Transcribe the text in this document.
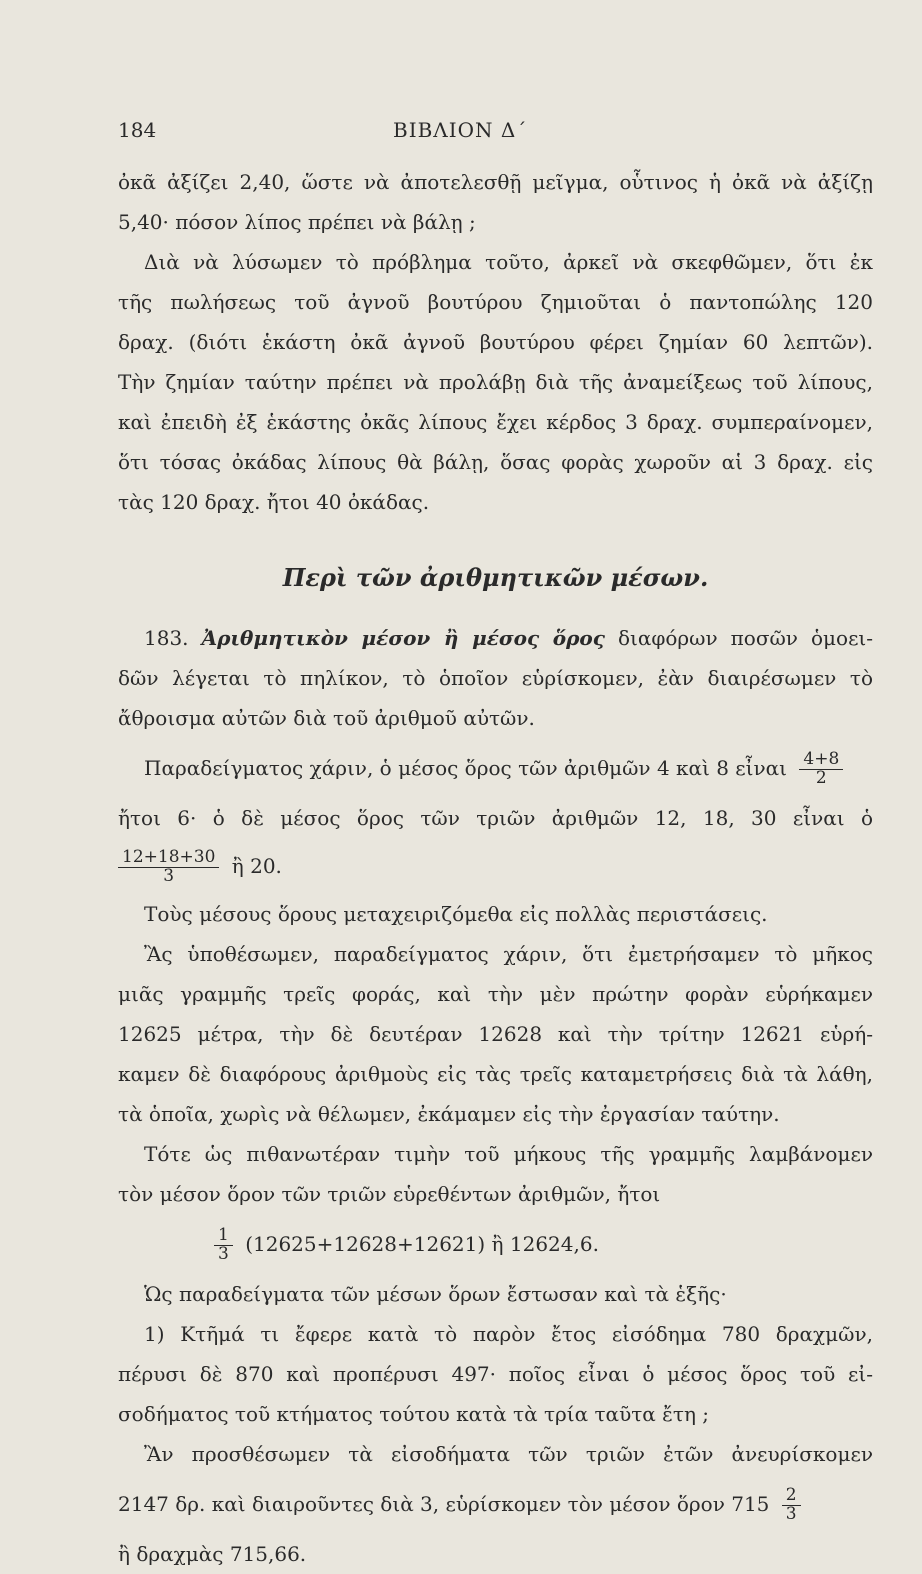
184	ΒΙΒΛΙΟΝ Δ΄
ὀκᾶ ἀξίζει 2,40, ὥστε νὰ ἀποτελεσθῇ μεῖγμα, οὗτινος ἡ ὀκᾶ νὰ ἀξίζῃ
5,40· πόσον λίπος πρέπει νὰ βάλῃ ;
Διὰ νὰ λύσωμεν τὸ πρόβλημα τοῦτο, ἀρκεῖ νὰ σκεφθῶμεν, ὅτι ἐκ
τῆς πωλήσεως τοῦ ἀγνοῦ βουτύρου ζημιοῦται ὁ παντοπώλης 120
δραχ. (διότι ἑκάστη ὀκᾶ ἀγνοῦ βουτύρου φέρει ζημίαν 60 λεπτῶν).
Τὴν ζημίαν ταύτην πρέπει νὰ προλάβῃ διὰ τῆς ἀναμείξεως τοῦ λίπους,
καὶ ἐπειδὴ ἐξ ἑκάστης ὀκᾶς λίπους ἔχει κέρδος 3 δραχ. συμπεραίνομεν,
ὅτι τόσας ὀκάδας λίπους θὰ βάλῃ, ὅσας φορὰς χωροῦν αἱ 3 δραχ. εἰς
τὰς 120 δραχ. ἤτοι 40 ὀκάδας.
Περὶ τῶν ἀριθμητικῶν μέσων.
183. Ἀριθμητικὸν μέσον ἢ μέσος ὅρος διαφόρων ποσῶν ὁμοει-
δῶν λέγεται τὸ πηλίκον, τὸ ὁποῖον εὑρίσκομεν, ἐὰν διαιρέσωμεν τὸ
ἄθροισμα αὐτῶν διὰ τοῦ ἀριθμοῦ αὐτῶν.
Παραδείγματος χάριν, ὁ μέσος ὅρος τῶν ἀριθμῶν 4 καὶ 8 εἶναι $\frac{4+8}{2}$
ἤτοι 6· ὁ δὲ μέσος ὅρος τῶν τριῶν ἀριθμῶν 12, 18, 30 εἶναι ὁ
$\frac{12+18+30}{3}$ ἢ 20.
Τοὺς μέσους ὅρους μεταχειριζόμεθα εἰς πολλὰς περιστάσεις.
Ἂς ὑποθέσωμεν, παραδείγματος χάριν, ὅτι ἐμετρήσαμεν τὸ μῆκος
μιᾶς γραμμῆς τρεῖς φοράς, καὶ τὴν μὲν πρώτην φορὰν εὑρήκαμεν
12625 μέτρα, τὴν δὲ δευτέραν 12628 καὶ τὴν τρίτην 12621 εὑρή-
καμεν δὲ διαφόρους ἀριθμοὺς εἰς τὰς τρεῖς καταμετρήσεις διὰ τὰ λάθη,
τὰ ὁποῖα, χωρὶς νὰ θέλωμεν, ἐκάμαμεν εἰς τὴν ἐργασίαν ταύτην.
Τότε ὡς πιθανωτέραν τιμὴν τοῦ μήκους τῆς γραμμῆς λαμβάνομεν
τὸν μέσον ὅρον τῶν τριῶν εὑρεθέντων ἀριθμῶν, ἤτοι
$\frac{1}{3} (12625+12628+12621)$ ἢ 12624,6.
Ὡς παραδείγματα τῶν μέσων ὅρων ἔστωσαν καὶ τὰ ἑξῆς·
1) Κτῆμά τι ἔφερε κατὰ τὸ παρὸν ἔτος εἰσόδημα 780 δραχμῶν,
πέρυσι δὲ 870 καὶ προπέρυσι 497· ποῖος εἶναι ὁ μέσος ὅρος τοῦ εἰ-
σοδήματος τοῦ κτήματος τούτου κατὰ τὰ τρία ταῦτα ἔτη ;
Ἂν προσθέσωμεν τὰ εἰσοδήματα τῶν τριῶν ἐτῶν ἀνευρίσκομεν
2147 δρ. καὶ διαιροῦντες διὰ 3, εὑρίσκομεν τὸν μέσον ὅρον $715 \frac{2}{3}$
ἢ δραχμὰς 715,66.
